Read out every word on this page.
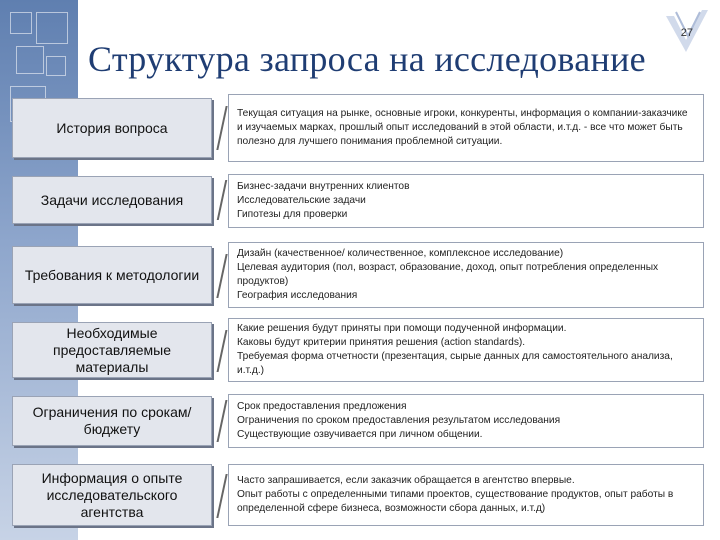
27
Структура запроса на исследование
История вопроса
Текущая ситуация на рынке, основные игроки, конкуренты, информация о компании-заказчике и изучаемых марках, прошлый опыт исследований в этой области, и.т.д. - все что может быть полезно для лучшего понимания проблемной ситуации.
Задачи исследования
Бизнес-задачи внутренних клиентов
Исследовательские задачи
Гипотезы для проверки
Требования к методологии
Дизайн (качественное/ количественное, комплексное исследование)
Целевая аудитория (пол, возраст, образование, доход, опыт потребления определенных продуктов)
География исследования
Необходимые предоставляемые материалы
Какие решения будут приняты при помощи подученной информации.
Каковы будут критерии принятия решения (action standards).
Требуемая форма отчетности (презентация, сырые данных для самостоятельного анализа, и.т.д.)
Ограничения по срокам/ бюджету
Срок предоставления предложения
Ограничения по сроком предоставления результатом исследования
Существующие озвучивается при личном общении.
Информация о опыте исследовательского агентства
Часто запрашивается, если заказчик обращается в агентство впервые.
Опыт работы с определенными типами проектов, существование продуктов, опыт работы в определенной сфере бизнеса, возможности сбора данных, и.т.д)
